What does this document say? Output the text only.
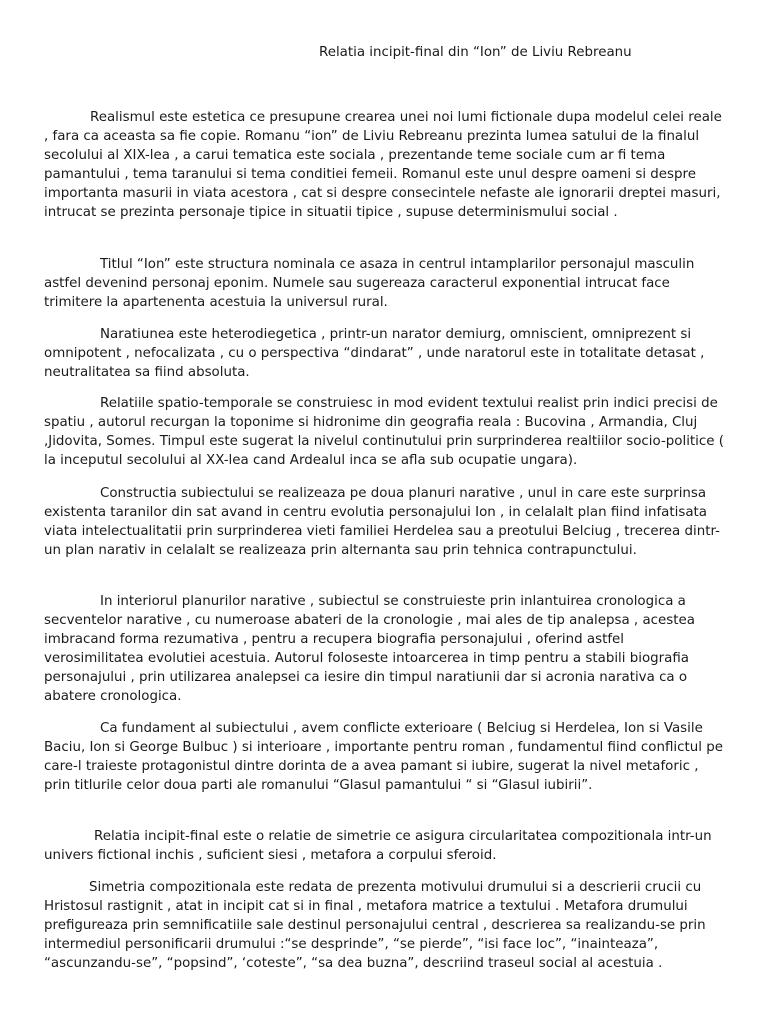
Relatia incipit-final din “Ion” de Liviu Rebreanu

Realismul este estetica ce presupune crearea unei noi lumi fictionale dupa modelul celei reale , fara ca aceasta sa fie copie. Romanu “ion” de Liviu Rebreanu prezinta lumea satului de la finalul secolului al XIX-lea , a carui tematica este sociala , prezentande teme sociale cum ar fi tema pamantului , tema taranului si tema conditiei femeii. Romanul este unul despre oameni si despre importanta masurii in viata acestora , cat si despre consecintele nefaste ale ignorarii dreptei masuri, intrucat se prezinta personaje tipice in situatii tipice , supuse determinismului social .

Titlul “Ion” este structura nominala ce asaza in centrul intamplarilor personajul masculin astfel devenind personaj eponim. Numele sau sugereaza caracterul exponential intrucat face trimitere la apartenenta acestuia la universul rural.

Naratiunea este heterodiegetica , printr-un narator demiurg, omniscient, omniprezent si omnipotent , nefocalizata , cu o perspectiva “dindarat” , unde naratorul este in totalitate detasat , neutralitatea sa fiind absoluta.

Relatiile spatio-temporale se construiesc in mod evident textului realist prin indici precisi de spatiu , autorul recurgan la toponime si hidronime din geografia reala : Bucovina , Armandia, Cluj ,Jidovita, Somes. Timpul este sugerat la nivelul continutului prin surprinderea realtiilor socio-politice ( la inceputul secolului al XX-lea cand Ardealul inca se afla sub ocupatie ungara).

Constructia subiectului se realizeaza pe doua planuri narative , unul in care este surprinsa existenta taranilor din sat avand in centru evolutia personajului Ion , in celalalt plan fiind infatisata viata intelectualitatii prin surprinderea vieti familiei Herdelea sau a preotului Belciug , trecerea dintr-un plan narativ in celalalt se realizeaza prin alternanta sau prin tehnica contrapunctului.

In interiorul planurilor narative , subiectul se construieste prin inlantuirea cronologica a secventelor narative , cu numeroase abateri de la cronologie , mai ales de tip analepsa , acestea imbracand forma rezumativa , pentru a recupera biografia personajului , oferind astfel verosimilitatea evolutiei acestuia. Autorul foloseste intoarcerea in timp pentru a stabili biografia personajului , prin utilizarea analepsei ca iesire din timpul naratiunii dar si acronia narativa ca o abatere cronologica.

Ca fundament al subiectului , avem conflicte exterioare ( Belciug si Herdelea, Ion si Vasile Baciu, Ion si George Bulbuc ) si interioare , importante pentru roman , fundamentul fiind conflictul pe care-l traieste protagonistul dintre dorinta de a avea pamant si iubire, sugerat la nivel metaforic , prin titlurile celor doua parti ale romanului “Glasul pamantului “ si “Glasul iubirii”.

Relatia incipit-final este o relatie de simetrie ce asigura circularitatea compozitionala intr-un univers fictional inchis , suficient siesi , metafora a corpului sferoid.

Simetria compozitionala este redata de prezenta motivului drumului si a descrierii crucii cu Hristosul rastignit , atat in incipit cat si in final , metafora matrice a textului . Metafora drumului prefigureaza prin semnificatiile sale destinul personajului central , descrierea sa realizandu-se prin intermediul personificarii drumului :“se desprinde”, “se pierde”, “isi face loc”, “inainteaza”, “ascunzandu-se”, “popsind”, ‘coteste”, “sa dea buzna”, descriind traseul social al acestuia .
